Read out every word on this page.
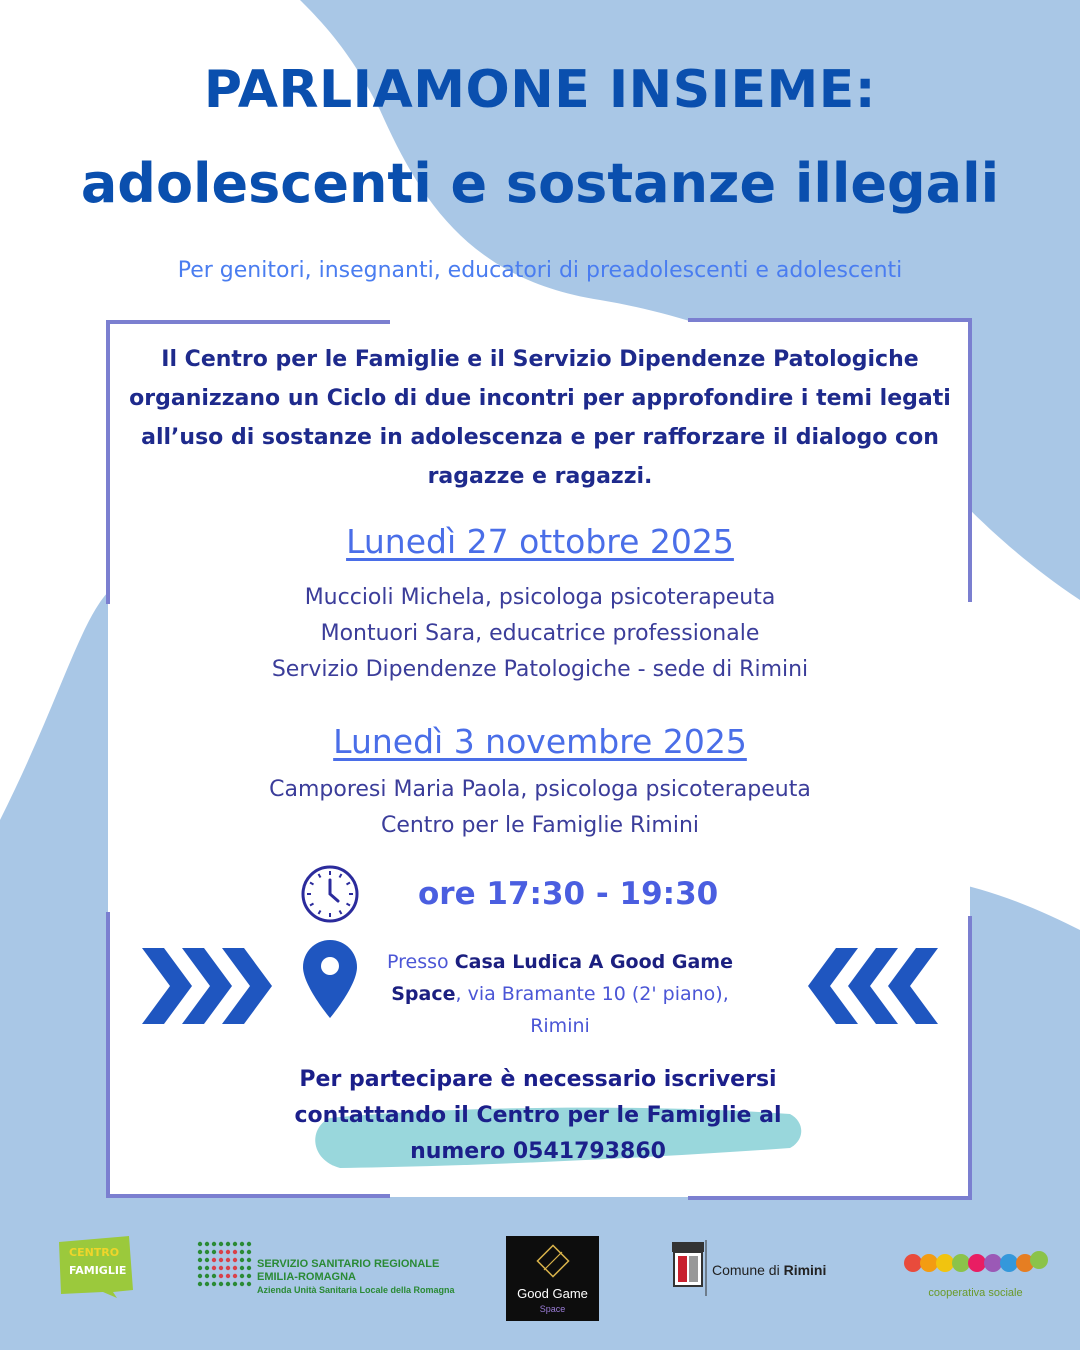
PARLIAMONE INSIEME:
adolescenti e sostanze illegali
Per genitori, insegnanti, educatori di preadolescenti e adolescenti
Il Centro per le Famiglie e il Servizio Dipendenze Patologiche organizzano un Ciclo di due incontri per approfondire i temi legati all’uso di sostanze in adolescenza e per rafforzare il dialogo con ragazze e ragazzi.
Lunedì 27 ottobre 2025
Muccioli Michela, psicologa psicoterapeuta
Montuori Sara, educatrice professionale
Servizio Dipendenze Patologiche - sede di Rimini
Lunedì 3 novembre 2025
Camporesi Maria Paola, psicologa psicoterapeuta
Centro per le Famiglie Rimini
ore 17:30 - 19:30
Presso Casa Ludica A Good Game Space, via Bramante 10 (2' piano), Rimini
Per partecipare è necessario iscriversi contattando il Centro per le Famiglie al numero 0541793860
CENTRO
FAMIGLIE	SERVIZIO SANITARIO REGIONALE
EMILIA-ROMAGNA
Azienda Unità Sanitaria Locale della Romagna	Good Game
Space
Comune di Rimini
cooperativa sociale
